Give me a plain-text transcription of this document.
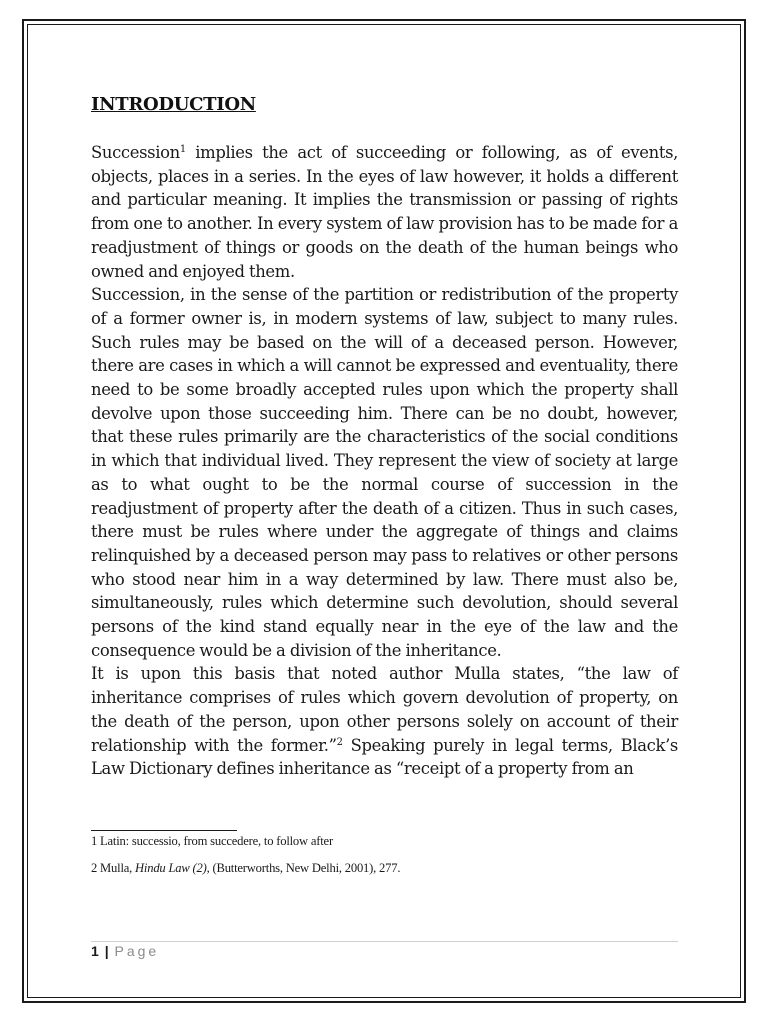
INTRODUCTION

Succession$^1$ implies the act of succeeding or following, as of events, objects, places in a series. In the eyes of law however, it holds a different and particular meaning. It implies the transmission or passing of rights from one to another. In every system of law provision has to be made for a readjustment of things or goods on the death of the human beings who owned and enjoyed them.

Succession, in the sense of the partition or redistribution of the property of a former owner is, in modern systems of law, subject to many rules. Such rules may be based on the will of a deceased person. However, there are cases in which a will cannot be expressed and eventuality, there need to be some broadly accepted rules upon which the property shall devolve upon those succeeding him. There can be no doubt, however, that these rules primarily are the characteristics of the social conditions in which that individual lived. They represent the view of society at large as to what ought to be the normal course of succession in the readjustment of property after the death of a citizen. Thus in such cases, there must be rules where under the aggregate of things and claims relinquished by a deceased person may pass to relatives or other persons who stood near him in a way determined by law. There must also be, simultaneously, rules which determine such devolution, should several persons of the kind stand equally near in the eye of the law and the consequence would be a division of the inheritance.

It is upon this basis that noted author Mulla states, “the law of inheritance comprises of rules which govern devolution of property, on the death of the person, upon other persons solely on account of their relationship with the former.”$^2$ Speaking purely in legal terms, Black’s Law Dictionary defines inheritance as “receipt of a property from an

1 Latin: successio, from succedere, to follow after

2 Mulla, Hindu Law (2), (Butterworths, New Delhi, 2001), 277.

1 | Page
